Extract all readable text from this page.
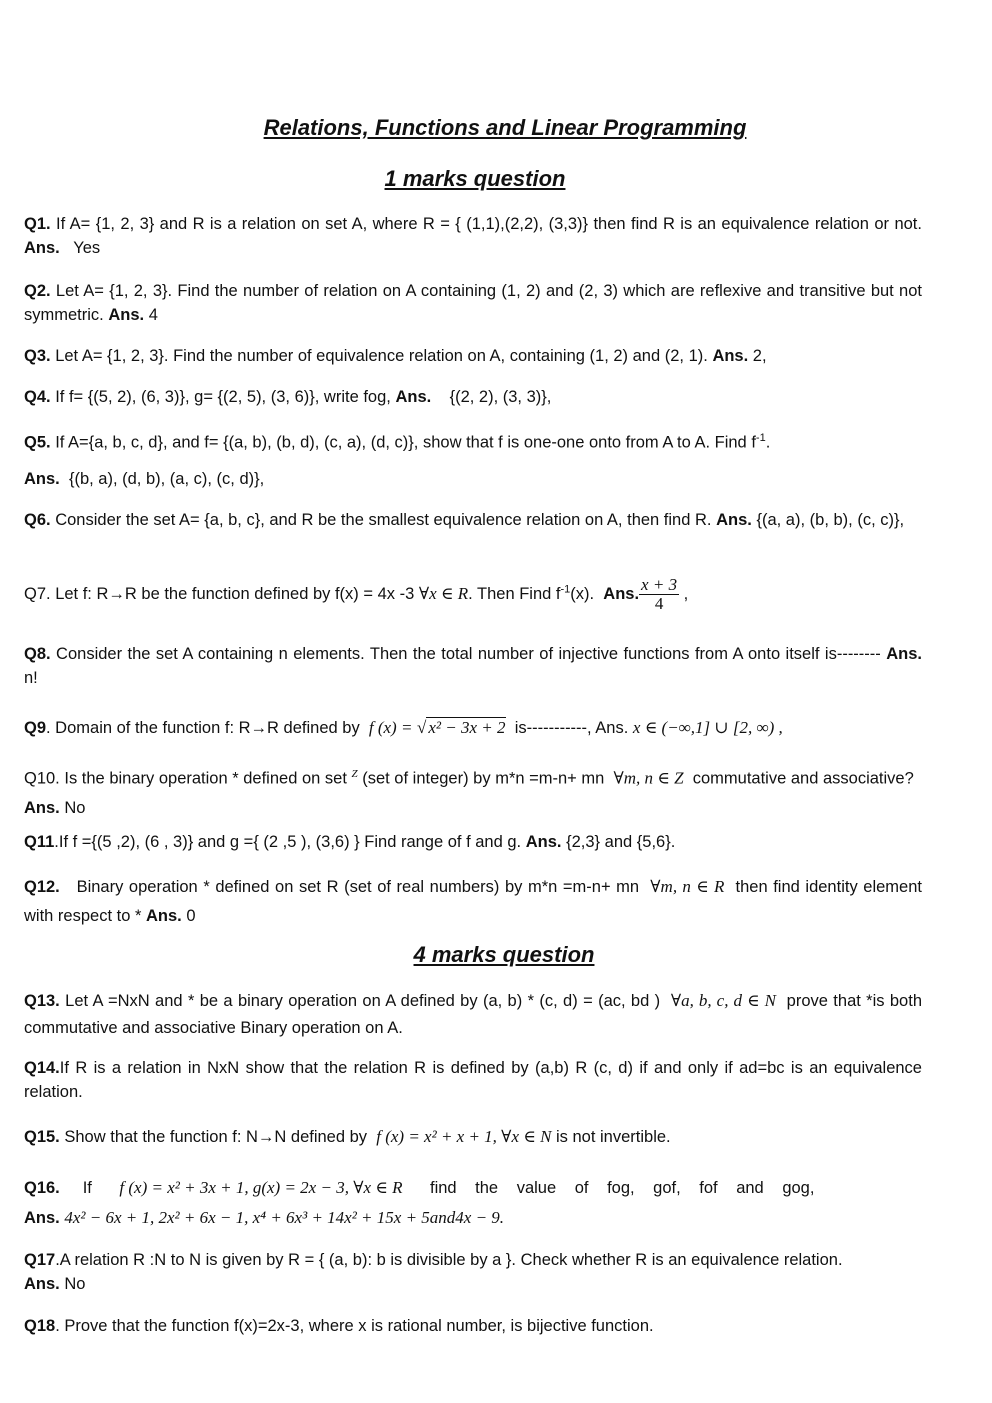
Relations, Functions and Linear Programming
1 marks question
Q1. If A= {1, 2, 3} and R is a relation on set A, where R = { (1,1),(2,2), (3,3)} then find R is an equivalence relation or not. Ans. Yes
Q2. Let A= {1, 2, 3}. Find the number of relation on A containing (1, 2) and (2, 3) which are reflexive and transitive but not symmetric. Ans. 4
Q3. Let A= {1, 2, 3}. Find the number of equivalence relation on A, containing (1, 2) and (2, 1). Ans. 2,
Q4. If f= {(5, 2), (6, 3)}, g= {(2, 5), (3, 6)}, write fog, Ans. {(2, 2), (3, 3)},
Q5. If A={a, b, c, d}, and f= {(a, b), (b, d), (c, a), (d, c)}, show that f is one-one onto from A to A. Find $f^{-1}$.
Ans. {(b, a), (d, b), (a, c), (c, d)},
Q6. Consider the set A= {a, b, c}, and R be the smallest equivalence relation on A, then find R. Ans. {(a, a), (b, b), (c, c)},
Q7. Let f: R→R be the function defined by f(x) = 4x -3 ∀x ∈ R. Then Find $f^{-1}(x)$. Ans. $\frac{x + 3}{4}$ ,
Q8. Consider the set A containing n elements. Then the total number of injective functions from A onto itself is-------- Ans. n!
Q9. Domain of the function f: R→R defined by f (x) = √ x² − 3x + 2 is-----------, Ans. x ∈ (−∞,1] ∪ [2, ∞) ,
Q10. Is the binary operation * defined on set $^Z$ (set of integer) by m*n =m-n+ mn ∀m, n ∈ Z commutative and associative? Ans. No
Q11.If f ={(5 ,2), (6 , 3)} and g ={ (2 ,5 ), (3,6) } Find range of f and g. Ans. {2,3} and {5,6}.
Q12. Binary operation * defined on set R (set of real numbers) by m*n =m-n+ mn ∀m, n ∈ R then find identity element with respect to * Ans. 0
4 marks question
Q13. Let A =NxN and * be a binary operation on A defined by (a, b) * (c, d) = (ac, bd ) ∀a, b, c, d ∈ N prove that *is both commutative and associative Binary operation on A.
Q14.If R is a relation in NxN show that the relation R is defined by (a,b) R (c, d) if and only if ad=bc is an equivalence relation.
Q15. Show that the function f: N→N defined by f (x) = x² + x + 1, ∀x ∈ N is not invertible.
Q16. If f (x) = x² + 3x + 1, g(x) = 2x − 3, ∀x ∈ R find the value of fog, gof, fof and gog,
Ans. 4x² − 6x + 1, 2x² + 6x − 1, x⁴ + 6x³ + 14x² + 15x + 5and4x − 9.
Q17.A relation R :N to N is given by R = { (a, b): b is divisible by a }. Check whether R is an equivalence relation.
Ans. No
Q18. Prove that the function f(x)=2x-3, where x is rational number, is bijective function.
